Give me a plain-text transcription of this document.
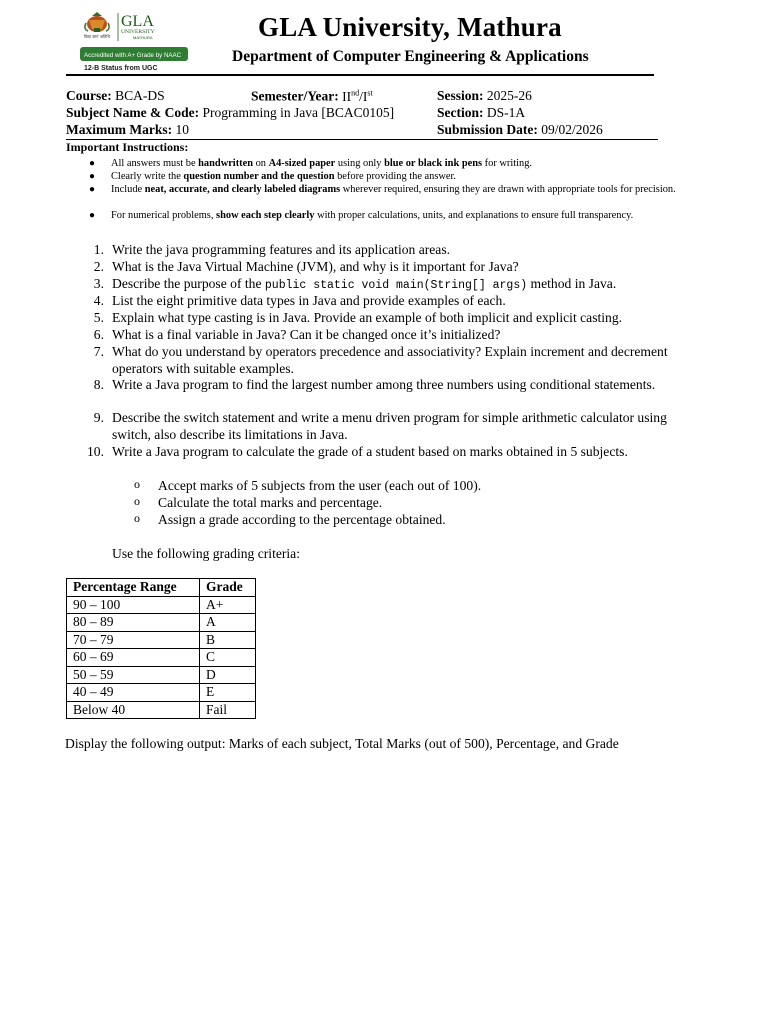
विद्या ज्ञानं अतिथि
GLA
UNIVERSITY
MATHURA
Accredited with A+ Grade by NAAC
12-B Status from UGC
GLA University, Mathura
Department of Computer Engineering & Applications
Course: BCA-DS	Semester/Year: IInd/Ist	Session: 2025-26
Subject Name & Code: Programming in Java [BCAC0105]	Section: DS-1A
Maximum Marks: 10	Submission Date: 09/02/2026
Important Instructions:
● All answers must be handwritten on A4-sized paper using only blue or black ink pens for writing.
● Clearly write the question number and the question before providing the answer.
● Include neat, accurate, and clearly labeled diagrams wherever required, ensuring they are drawn with appropriate tools for precision.
● For numerical problems, show each step clearly with proper calculations, units, and explanations to ensure full transparency.
1. Write the java programming features and its application areas.
2. What is the Java Virtual Machine (JVM), and why is it important for Java?
3. Describe the purpose of the public static void main(String[] args) method in Java.
4. List the eight primitive data types in Java and provide examples of each.
5. Explain what type casting is in Java. Provide an example of both implicit and explicit casting.
6. What is a final variable in Java? Can it be changed once it’s initialized?
7. What do you understand by operators precedence and associativity? Explain increment and decrement operators with suitable examples.
8. Write a Java program to find the largest number among three numbers using conditional statements.
9. Describe the switch statement and write a menu driven program for simple arithmetic calculator using switch, also describe its limitations in Java.
10. Write a Java program to calculate the grade of a student based on marks obtained in 5 subjects.
o Accept marks of 5 subjects from the user (each out of 100).
o Calculate the total marks and percentage.
o Assign a grade according to the percentage obtained.
Use the following grading criteria:
Percentage Range	Grade
90 – 100	A+
80 – 89	A
70 – 79	B
60 – 69	C
50 – 59	D
40 – 49	E
Below 40	Fail
Display the following output: Marks of each subject, Total Marks (out of 500), Percentage, and Grade
